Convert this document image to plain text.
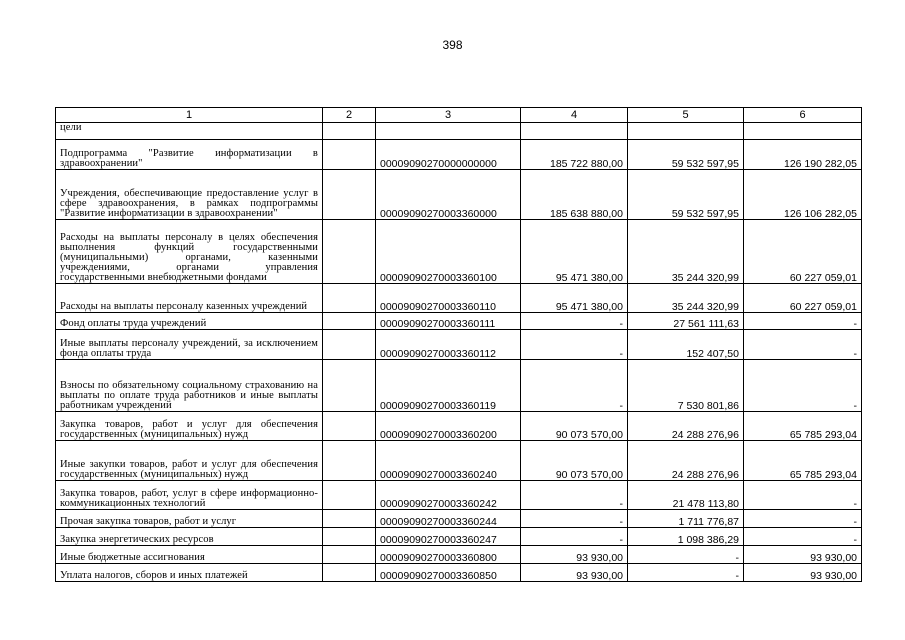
398
1	2	3	4	5	6
цели					
Подпрограмма "Развитие информатизации в здравоохранении"		00009090270000000000	185 722 880,00	59 532 597,95	126 190 282,05
Учреждения, обеспечивающие предоставление услуг в сфере здравоохранения, в рамках подпрограммы "Развитие информатизации в здравоохранении"		00009090270003360000	185 638 880,00	59 532 597,95	126 106 282,05
Расходы на выплаты персоналу в целях обеспечения выполнения функций государственными (муниципальными) органами, казенными учреждениями, органами управления государственными внебюджетными фондами		00009090270003360100	95 471 380,00	35 244 320,99	60 227 059,01
Расходы на выплаты персоналу казенных учреждений		00009090270003360110	95 471 380,00	35 244 320,99	60 227 059,01
Фонд оплаты труда учреждений		00009090270003360111	-	27 561 111,63	-
Иные выплаты персоналу учреждений, за исключением фонда оплаты труда		00009090270003360112	-	152 407,50	-
Взносы по обязательному социальному страхованию на выплаты по оплате труда работников и иные выплаты работникам учреждений		00009090270003360119	-	7 530 801,86	-
Закупка товаров, работ и услуг для обеспечения государственных (муниципальных) нужд		00009090270003360200	90 073 570,00	24 288 276,96	65 785 293,04
Иные закупки товаров, работ и услуг для обеспечения государственных (муниципальных) нужд		00009090270003360240	90 073 570,00	24 288 276,96	65 785 293,04
Закупка товаров, работ, услуг в сфере информационно-коммуникационных технологий		00009090270003360242	-	21 478 113,80	-
Прочая закупка товаров, работ и услуг		00009090270003360244	-	1 711 776,87	-
Закупка энергетических ресурсов		00009090270003360247	-	1 098 386,29	-
Иные бюджетные ассигнования		00009090270003360800	93 930,00	-	93 930,00
Уплата налогов, сборов и иных платежей		00009090270003360850	93 930,00	-	93 930,00
